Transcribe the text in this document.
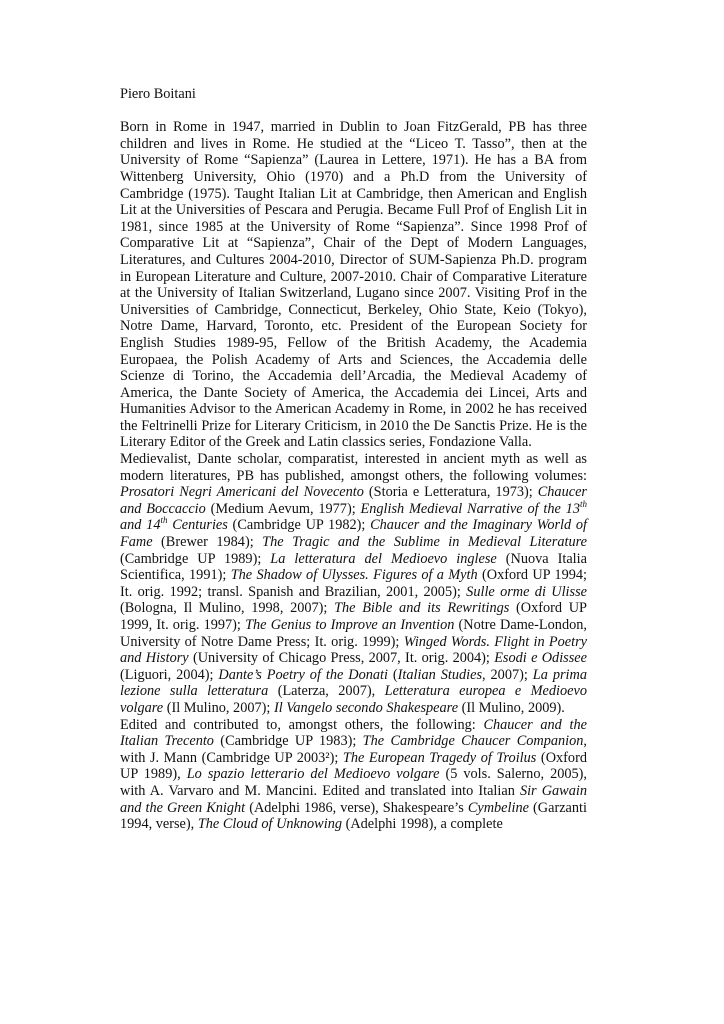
Piero Boitani

Born in Rome in 1947, married in Dublin to Joan FitzGerald, PB has three children and lives in Rome. He studied at the “Liceo T. Tasso”, then at the University of Rome “Sapienza” (Laurea in Lettere, 1971). He has a BA from Wittenberg University, Ohio (1970) and a Ph.D from the University of Cambridge (1975). Taught Italian Lit at Cambridge, then American and English Lit at the Universities of Pescara and Perugia. Became Full Prof of English Lit in 1981, since 1985 at the University of Rome “Sapienza”. Since 1998 Prof of Comparative Lit at “Sapienza”, Chair of the Dept of Modern Languages, Literatures, and Cultures 2004-2010, Director of SUM-Sapienza Ph.D. program in European Literature and Culture, 2007-2010. Chair of Comparative Literature at the University of Italian Switzerland, Lugano since 2007. Visiting Prof in the Universities of Cambridge, Connecticut, Berkeley, Ohio State, Keio (Tokyo), Notre Dame, Harvard, Toronto, etc. President of the European Society for English Studies 1989-95, Fellow of the British Academy, the Academia Europaea, the Polish Academy of Arts and Sciences, the Accademia delle Scienze di Torino, the Accademia dell’Arcadia, the Medieval Academy of America, the Dante Society of America, the Accademia dei Lincei, Arts and Humanities Advisor to the American Academy in Rome, in 2002 he has received the Feltrinelli Prize for Literary Criticism, in 2010 the De Sanctis Prize. He is the Literary Editor of the Greek and Latin classics series, Fondazione Valla.

Medievalist, Dante scholar, comparatist, interested in ancient myth as well as modern literatures, PB has published, amongst others, the following volumes: Prosatori Negri Americani del Novecento (Storia e Letteratura, 1973); Chaucer and Boccaccio (Medium Aevum, 1977); English Medieval Narrative of the 13th and 14th Centuries (Cambridge UP 1982); Chaucer and the Imaginary World of Fame (Brewer 1984); The Tragic and the Sublime in Medieval Literature (Cambridge UP 1989); La letteratura del Medioevo inglese (Nuova Italia Scientifica, 1991); The Shadow of Ulysses. Figures of a Myth (Oxford UP 1994; It. orig. 1992; transl. Spanish and Brazilian, 2001, 2005); Sulle orme di Ulisse (Bologna, Il Mulino, 1998, 2007); The Bible and its Rewritings (Oxford UP 1999, It. orig. 1997); The Genius to Improve an Invention (Notre Dame-London, University of Notre Dame Press; It. orig. 1999); Winged Words. Flight in Poetry and History (University of Chicago Press, 2007, It. orig. 2004); Esodi e Odissee (Liguori, 2004); Dante’s Poetry of the Donati (Italian Studies, 2007); La prima lezione sulla letteratura (Laterza, 2007), Letteratura europea e Medioevo volgare (Il Mulino, 2007); Il Vangelo secondo Shakespeare (Il Mulino, 2009).

Edited and contributed to, amongst others, the following: Chaucer and the Italian Trecento (Cambridge UP 1983); The Cambridge Chaucer Companion, with J. Mann (Cambridge UP 2003²); The European Tragedy of Troilus (Oxford UP 1989), Lo spazio letterario del Medioevo volgare (5 vols. Salerno, 2005), with A. Varvaro and M. Mancini. Edited and translated into Italian Sir Gawain and the Green Knight (Adelphi 1986, verse), Shakespeare’s Cymbeline (Garzanti 1994, verse), The Cloud of Unknowing (Adelphi 1998), a complete
